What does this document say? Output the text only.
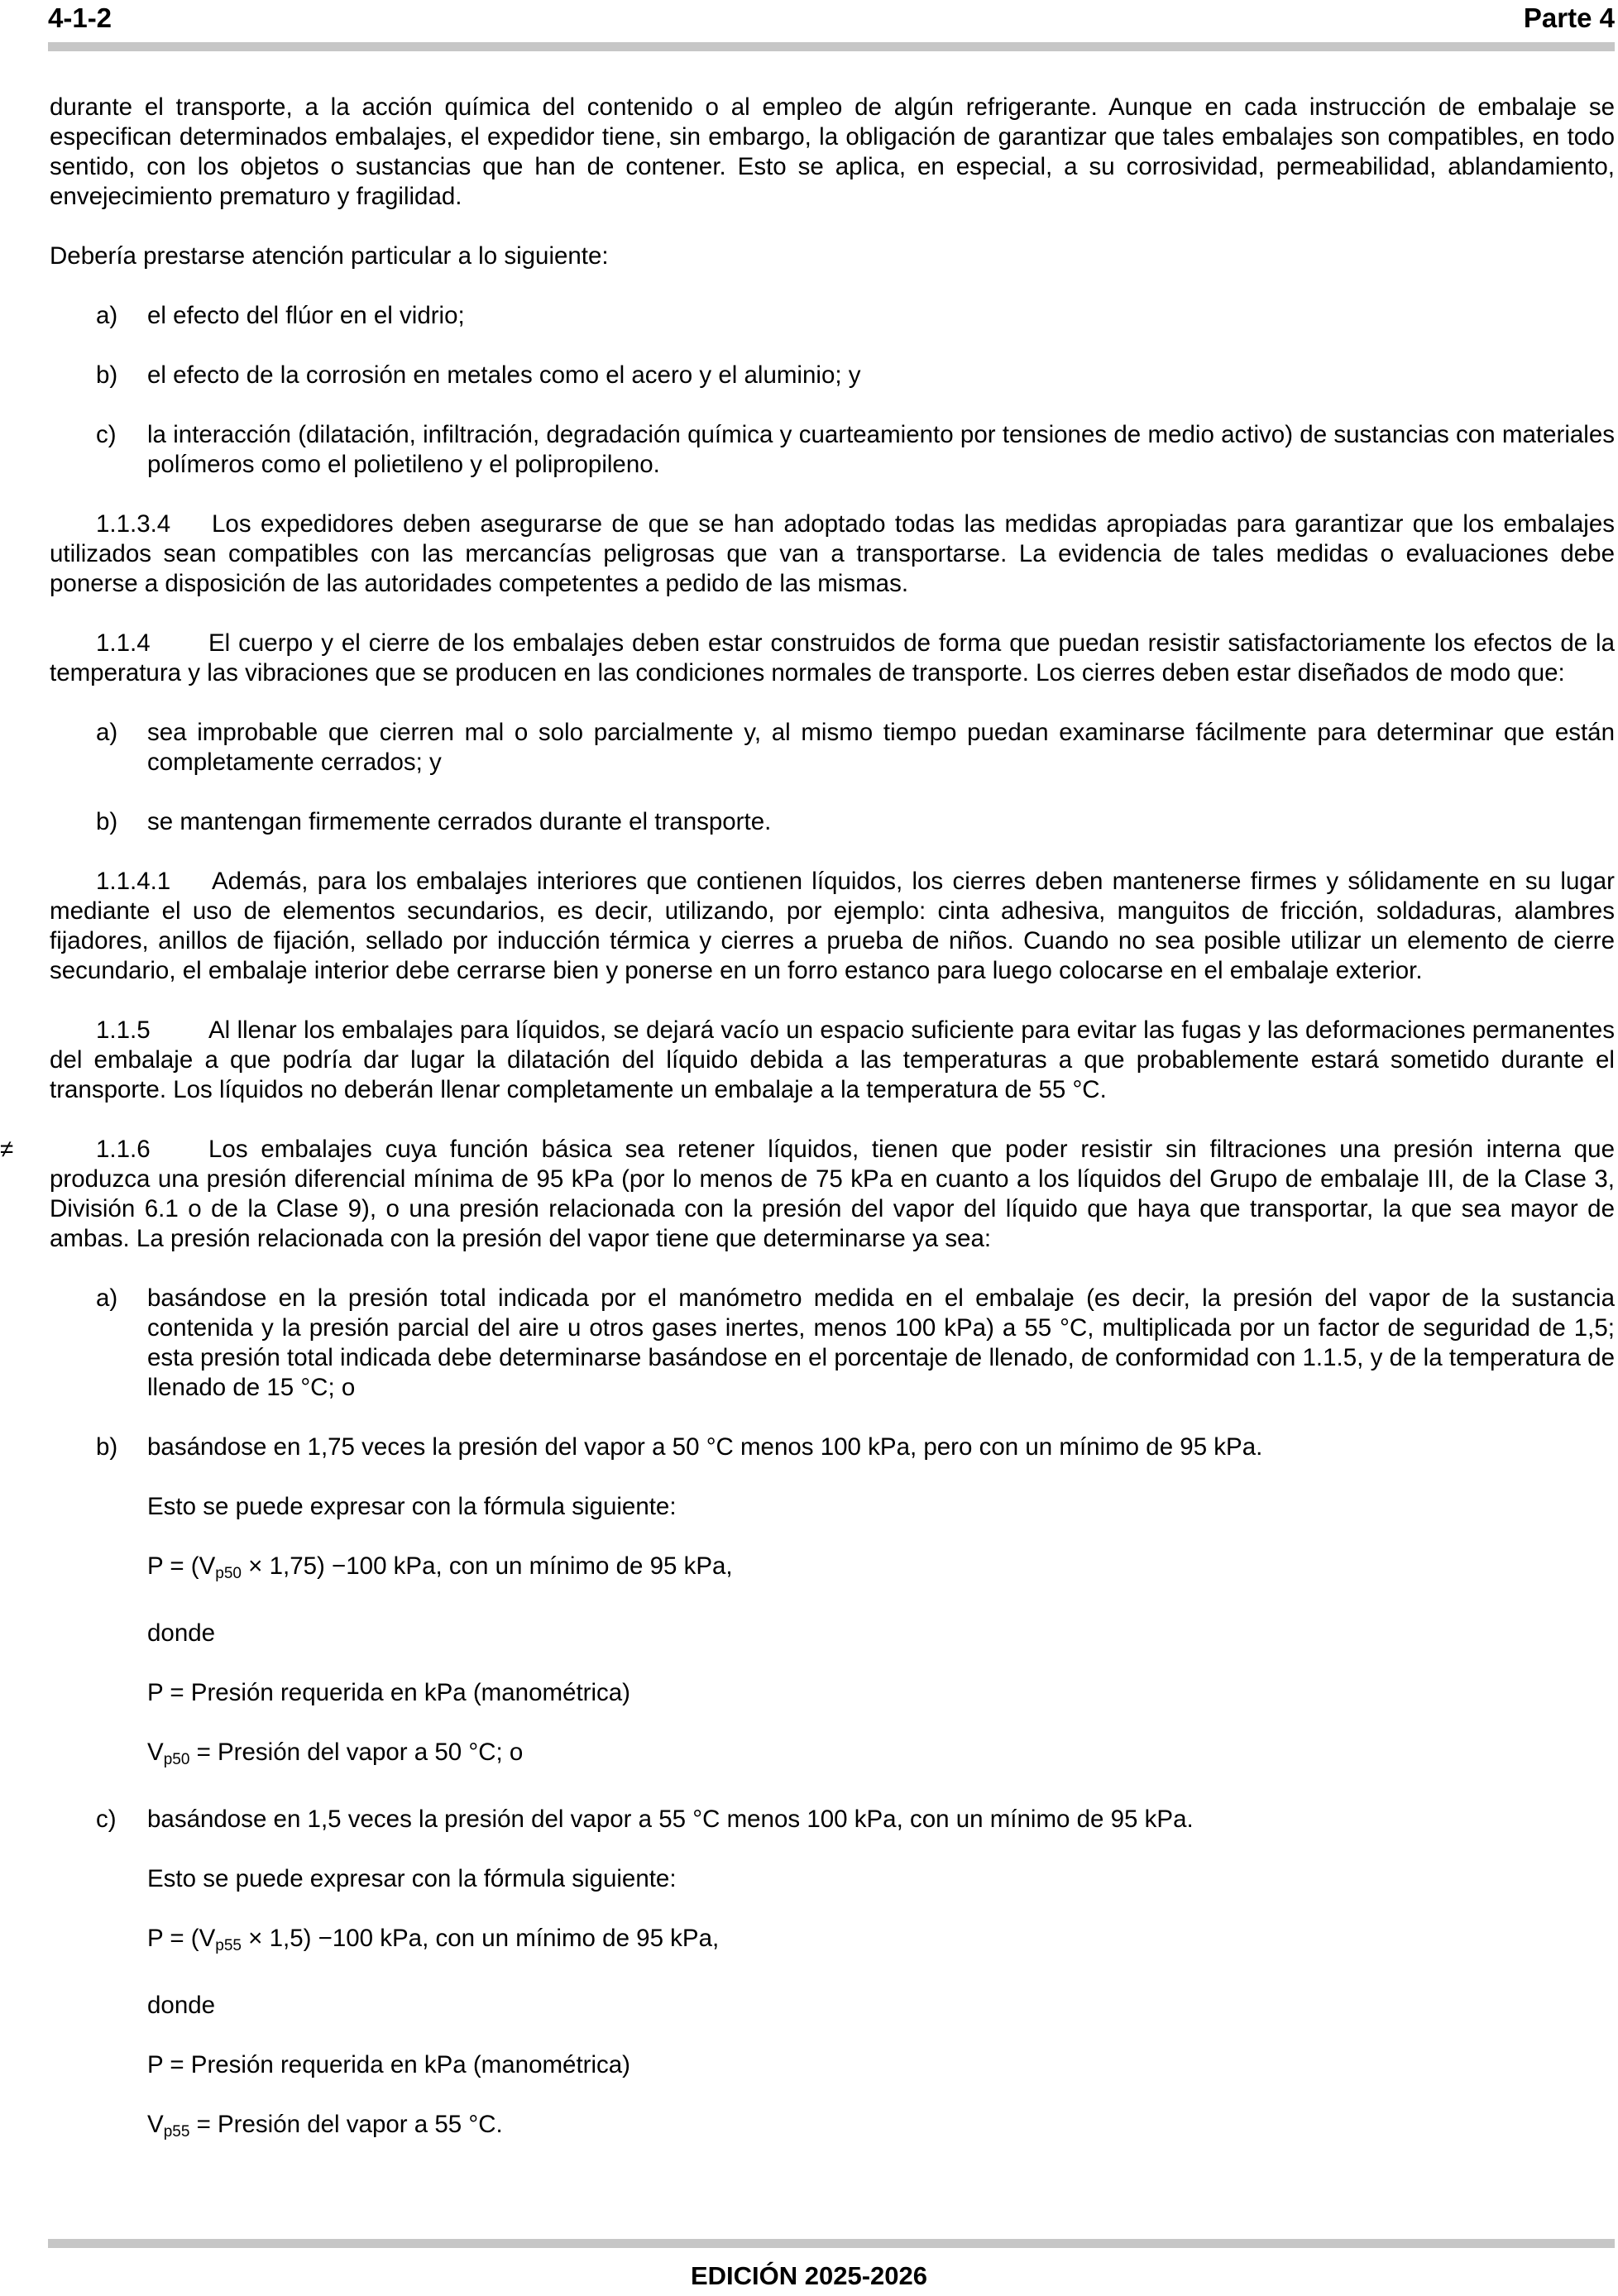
4-1-2	Parte 4

durante el transporte, a la acción química del contenido o al empleo de algún refrigerante. Aunque en cada instrucción de embalaje se especifican determinados embalajes, el expedidor tiene, sin embargo, la obligación de garantizar que tales embalajes son compatibles, en todo sentido, con los objetos o sustancias que han de contener. Esto se aplica, en especial, a su corrosividad, permeabilidad, ablandamiento, envejecimiento prematuro y fragilidad.

Debería prestarse atención particular a lo siguiente:

a)	el efecto del flúor en el vidrio;
b)	el efecto de la corrosión en metales como el acero y el aluminio; y
c)	la interacción (dilatación, infiltración, degradación química y cuarteamiento por tensiones de medio activo) de sustancias con materiales polímeros como el polietileno y el polipropileno.

1.1.3.4 Los expedidores deben asegurarse de que se han adoptado todas las medidas apropiadas para garantizar que los embalajes utilizados sean compatibles con las mercancías peligrosas que van a transportarse. La evidencia de tales medidas o evaluaciones debe ponerse a disposición de las autoridades competentes a pedido de las mismas.

1.1.4 El cuerpo y el cierre de los embalajes deben estar construidos de forma que puedan resistir satisfactoriamente los efectos de la temperatura y las vibraciones que se producen en las condiciones normales de transporte. Los cierres deben estar diseñados de modo que:

a)	sea improbable que cierren mal o solo parcialmente y, al mismo tiempo puedan examinarse fácilmente para determinar que están completamente cerrados; y
b)	se mantengan firmemente cerrados durante el transporte.

1.1.4.1 Además, para los embalajes interiores que contienen líquidos, los cierres deben mantenerse firmes y sólidamente en su lugar mediante el uso de elementos secundarios, es decir, utilizando, por ejemplo: cinta adhesiva, manguitos de fricción, soldaduras, alambres fijadores, anillos de fijación, sellado por inducción térmica y cierres a prueba de niños. Cuando no sea posible utilizar un elemento de cierre secundario, el embalaje interior debe cerrarse bien y ponerse en un forro estanco para luego colocarse en el embalaje exterior.

1.1.5 Al llenar los embalajes para líquidos, se dejará vacío un espacio suficiente para evitar las fugas y las deformaciones permanentes del embalaje a que podría dar lugar la dilatación del líquido debida a las temperaturas a que probablemente estará sometido durante el transporte. Los líquidos no deberán llenar completamente un embalaje a la temperatura de 55 °C.

≠	1.1.6 Los embalajes cuya función básica sea retener líquidos, tienen que poder resistir sin filtraciones una presión interna que produzca una presión diferencial mínima de 95 kPa (por lo menos de 75 kPa en cuanto a los líquidos del Grupo de embalaje III, de la Clase 3, División 6.1 o de la Clase 9), o una presión relacionada con la presión del vapor del líquido que haya que transportar, la que sea mayor de ambas. La presión relacionada con la presión del vapor tiene que determinarse ya sea:

a)	basándose en la presión total indicada por el manómetro medida en el embalaje (es decir, la presión del vapor de la sustancia contenida y la presión parcial del aire u otros gases inertes, menos 100 kPa) a 55 °C, multiplicada por un factor de seguridad de 1,5; esta presión total indicada debe determinarse basándose en el porcentaje de llenado, de conformidad con 1.1.5, y de la temperatura de llenado de 15 °C; o
b)	basándose en 1,75 veces la presión del vapor a 50 °C menos 100 kPa, pero con un mínimo de 95 kPa.
Esto se puede expresar con la fórmula siguiente:
P = (Vp50 × 1,75) −100 kPa, con un mínimo de 95 kPa,
donde
P = Presión requerida en kPa (manométrica)
Vp50 = Presión del vapor a 50 °C; o
c)	basándose en 1,5 veces la presión del vapor a 55 °C menos 100 kPa, con un mínimo de 95 kPa.
Esto se puede expresar con la fórmula siguiente:
P = (Vp55 × 1,5) −100 kPa, con un mínimo de 95 kPa,
donde
P = Presión requerida en kPa (manométrica)
Vp55 = Presión del vapor a 55 °C.
EDICIÓN 2025-2026
